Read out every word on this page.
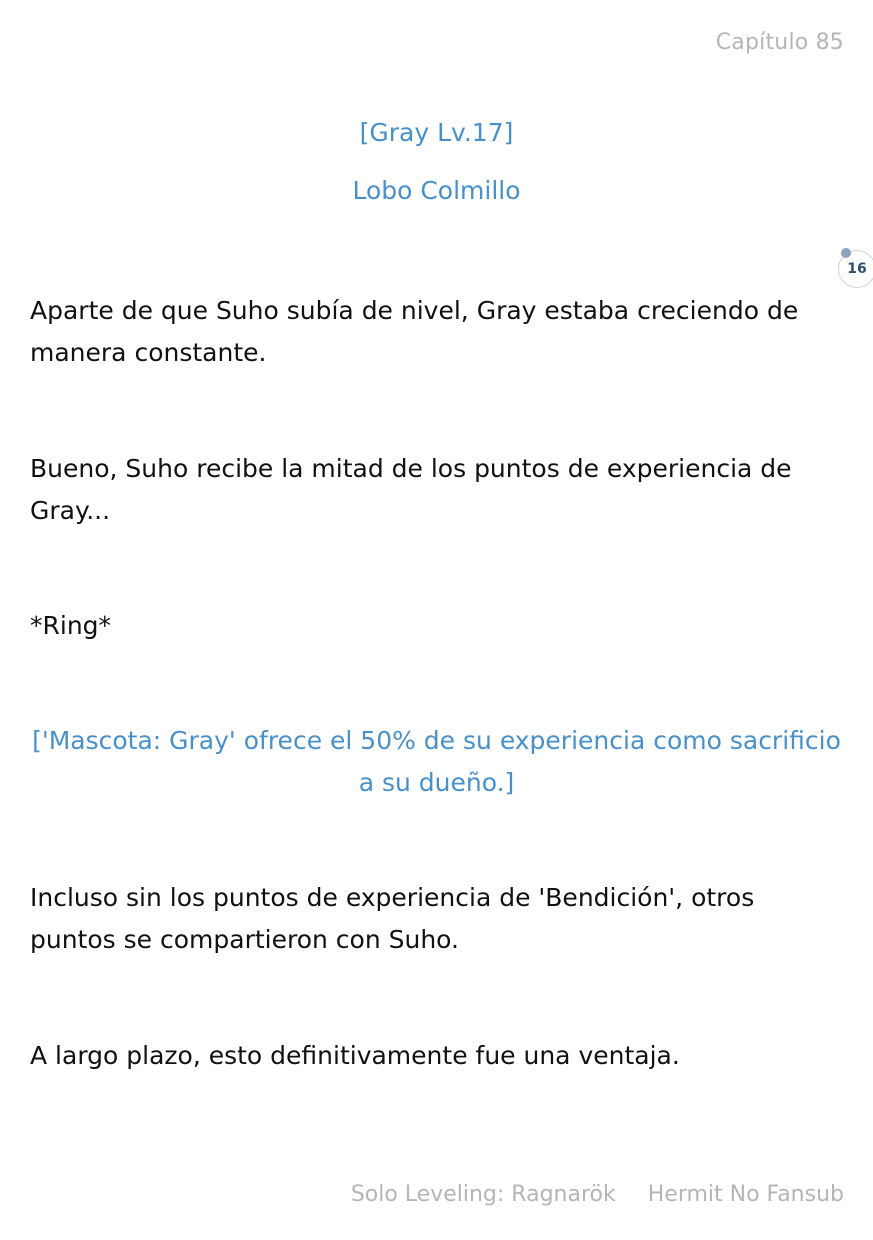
Capítulo 85
[Gray Lv.17]
Lobo Colmillo
16
Aparte de que Suho subía de nivel, Gray estaba creciendo de manera constante.
Bueno, Suho recibe la mitad de los puntos de experiencia de Gray...
*Ring*
['Mascota: Gray' ofrece el 50% de su experiencia como sacrificio a su dueño.]
Incluso sin los puntos de experiencia de 'Bendición', otros puntos se compartieron con Suho.
A largo plazo, esto definitivamente fue una ventaja.
Solo Leveling: Ragnarök Hermit No Fansub
